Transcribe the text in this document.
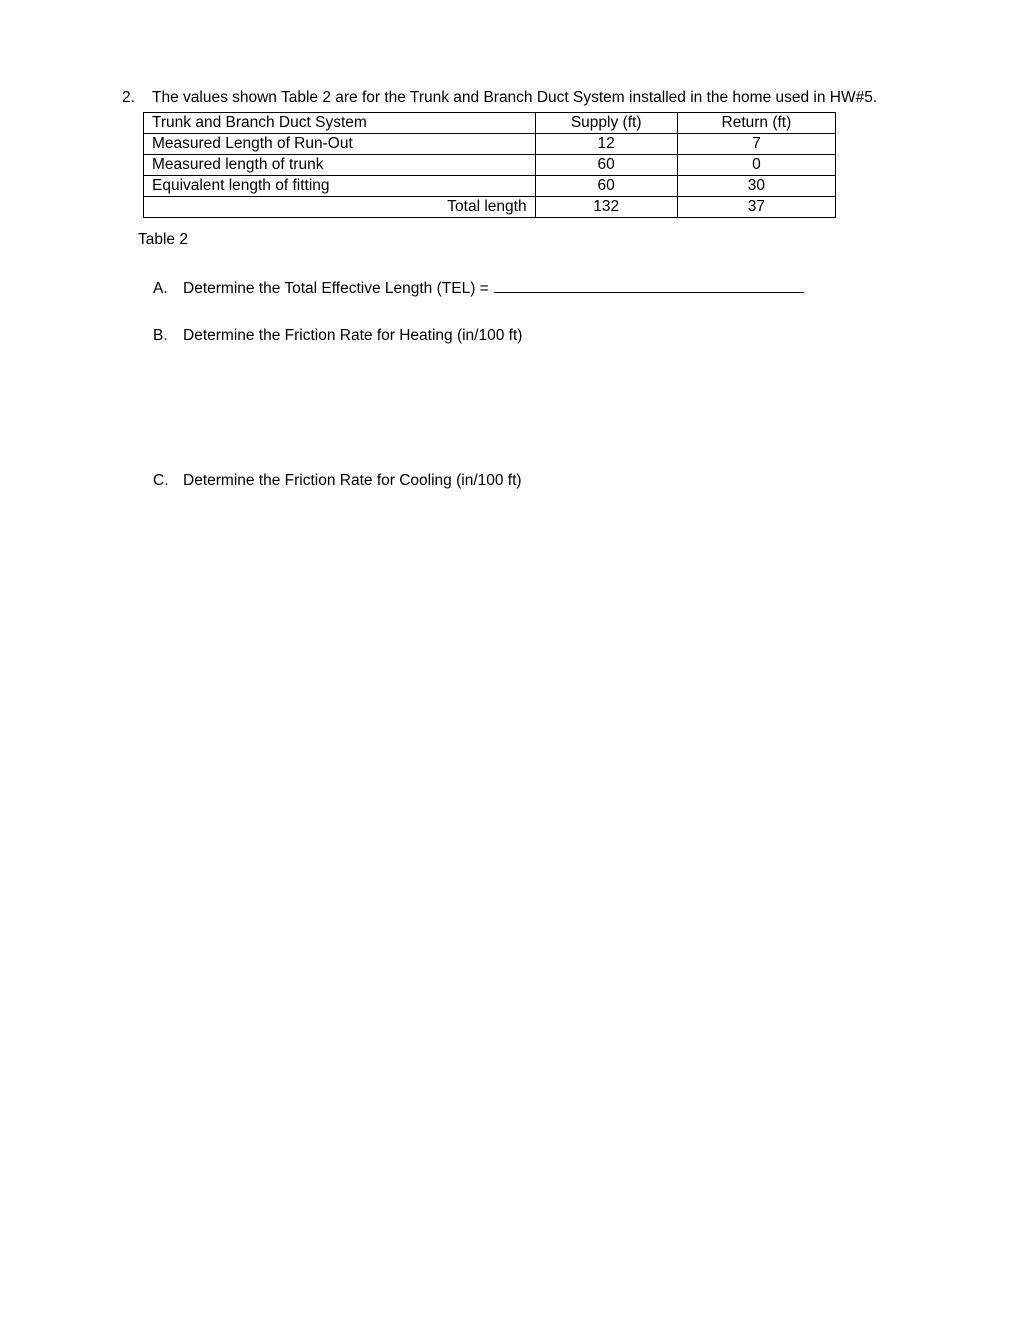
2. The values shown Table 2 are for the Trunk and Branch Duct System installed in the home used in HW#5.
Trunk and Branch Duct System	Supply (ft)	Return (ft)
Measured Length of Run-Out	12	7
Measured length of trunk	60	0
Equivalent length of fitting	60	30
Total length	132	37
Table 2
A. Determine the Total Effective Length (TEL) =
B. Determine the Friction Rate for Heating (in/100 ft)
C. Determine the Friction Rate for Cooling (in/100 ft)
